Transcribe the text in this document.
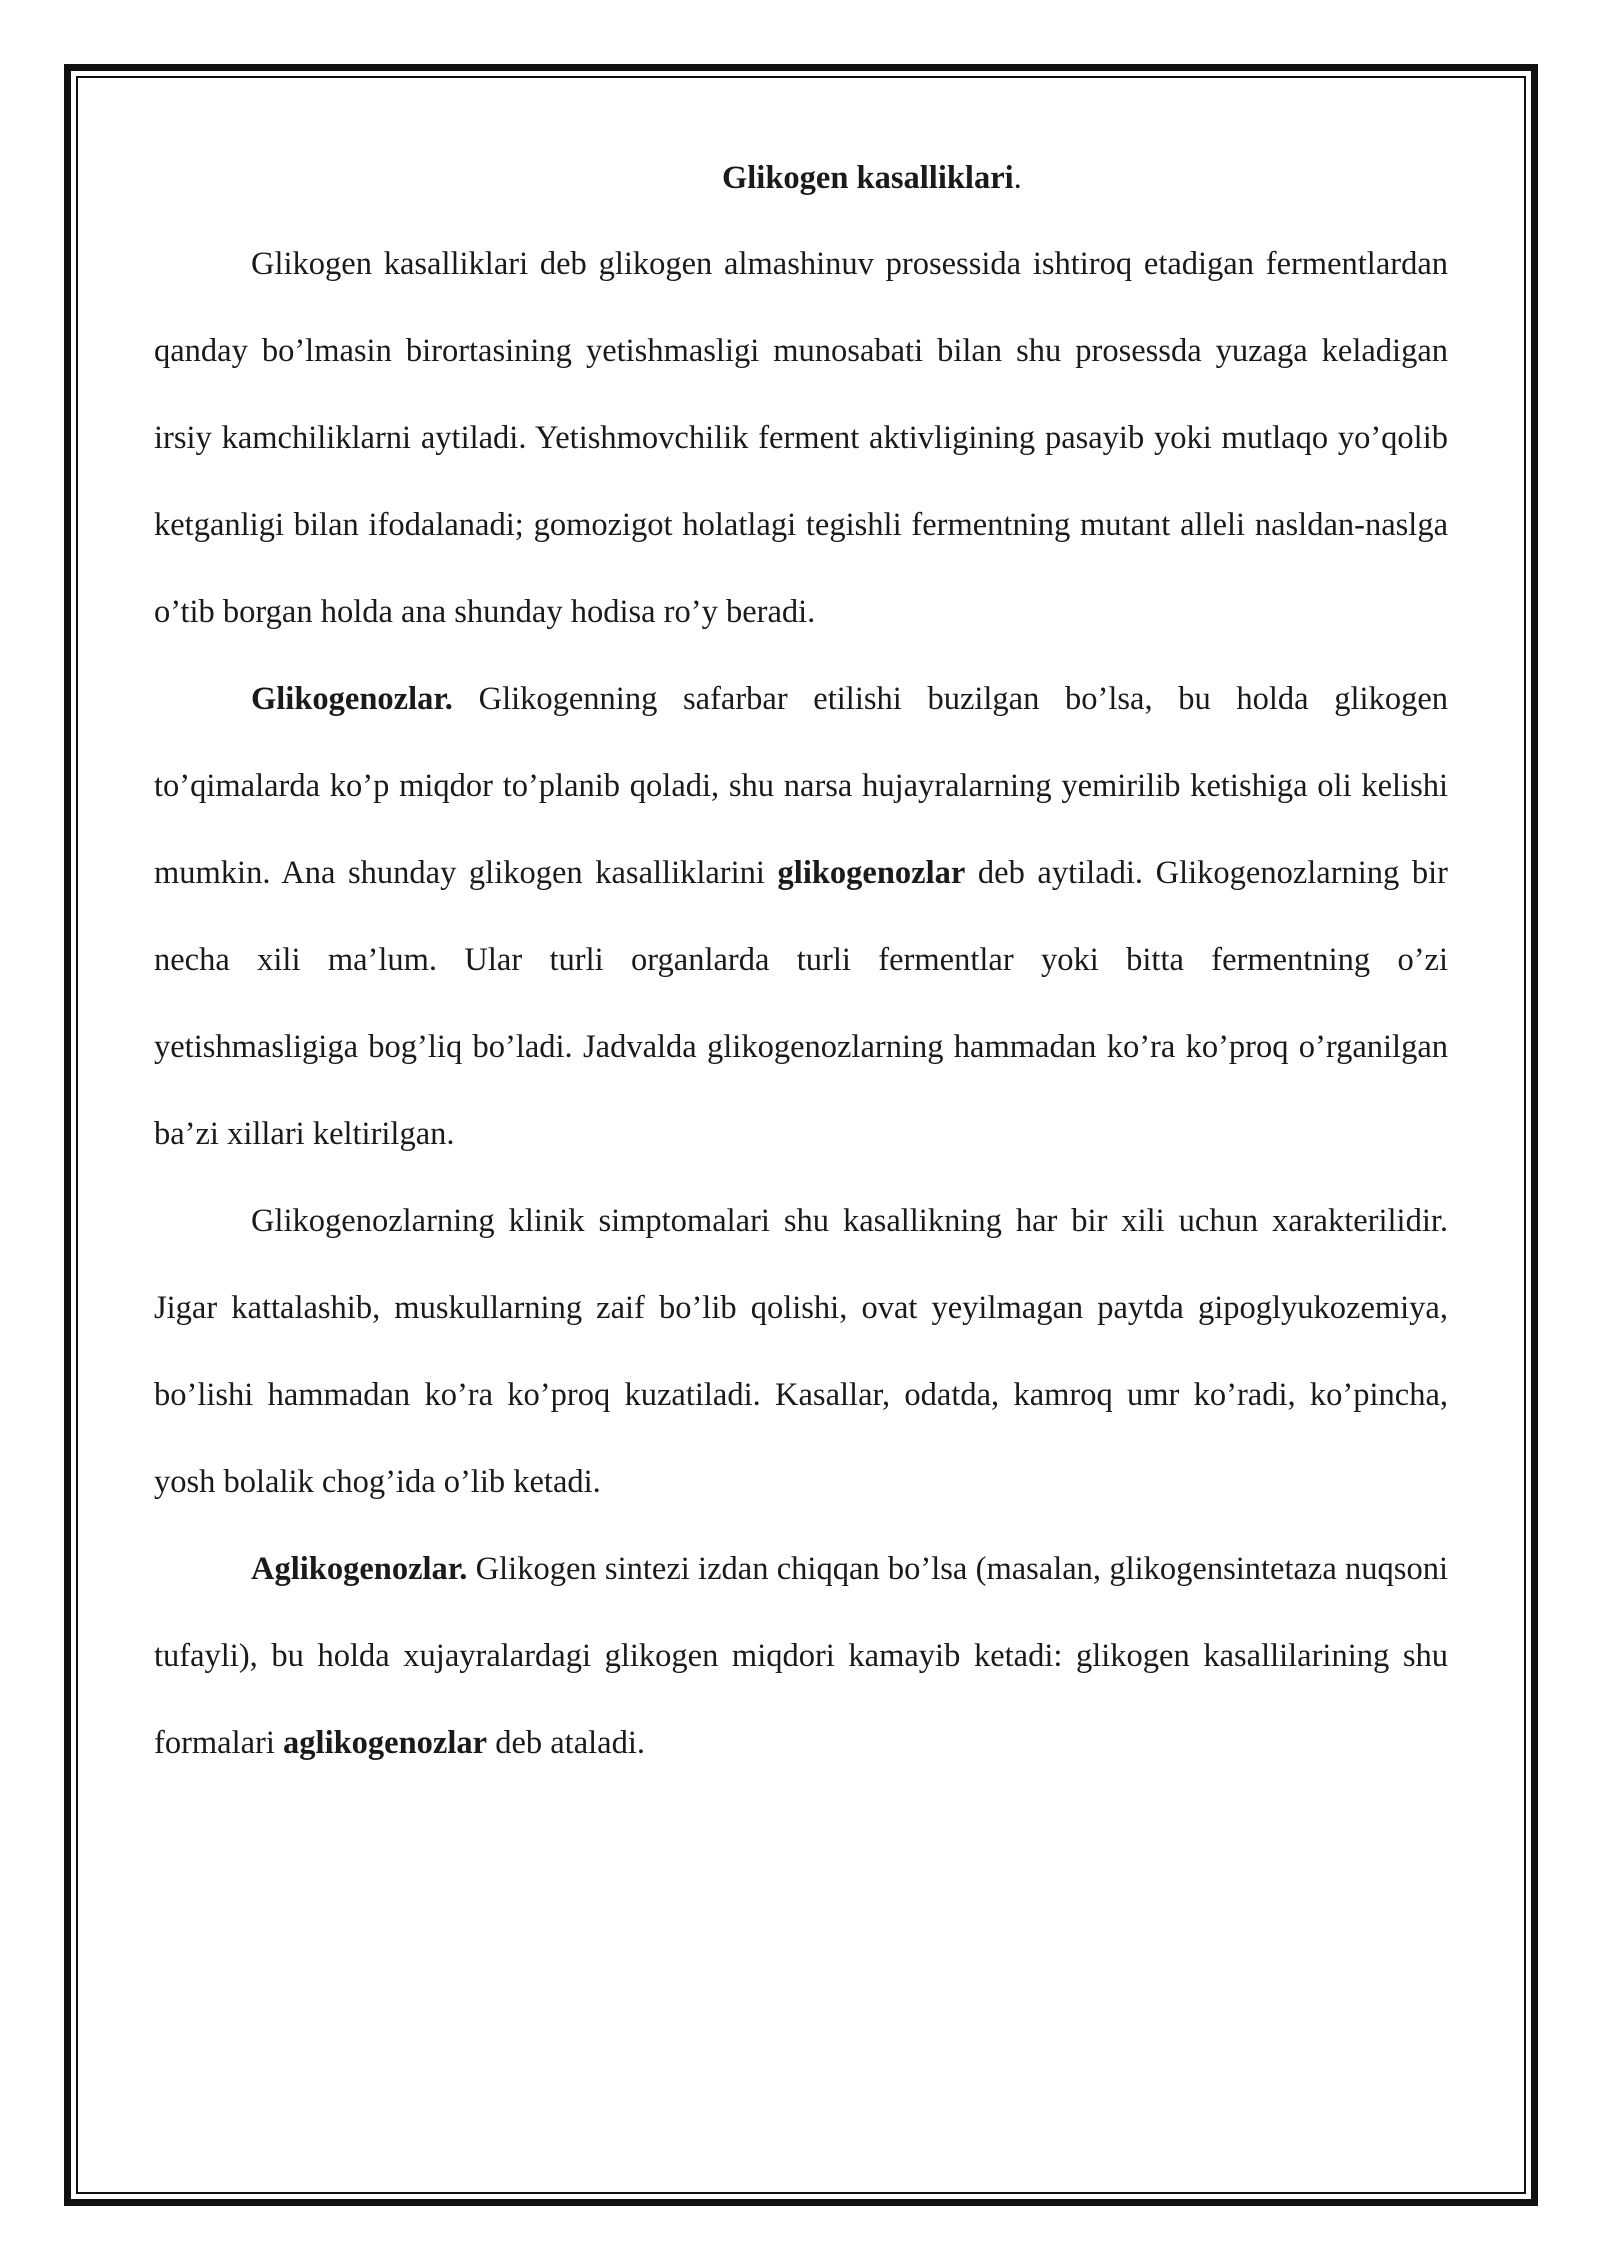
Glikogen kasalliklari.

Glikogen kasalliklari deb glikogen almashinuv prosessida ishtiroq etadigan fermentlardan qanday bo’lmasin birortasining yetishmasligi munosabati bilan shu prosessda yuzaga keladigan irsiy kamchiliklarni aytiladi. Yetishmovchilik ferment aktivligining pasayib yoki mutlaqo yo’qolib ketganligi bilan ifodalanadi; gomozigot holatlagi tegishli fermentning mutant alleli nasldan-naslga o’tib borgan holda ana shunday hodisa ro’y beradi.

Glikogenozlar. Glikogenning safarbar etilishi buzilgan bo’lsa, bu holda glikogen to’qimalarda ko’p miqdor to’planib qoladi, shu narsa hujayralarning yemirilib ketishiga oli kelishi mumkin. Ana shunday glikogen kasalliklarini glikogenozlar deb aytiladi. Glikogenozlarning bir necha xili ma’lum. Ular turli organlarda turli fermentlar yoki bitta fermentning o’zi yetishmasligiga bog’liq bo’ladi. Jadvalda glikogenozlarning hammadan ko’ra ko’proq o’rganilgan ba’zi xillari keltirilgan.

Glikogenozlarning klinik simptomalari shu kasallikning har bir xili uchun xarakterilidir. Jigar kattalashib, muskullarning zaif bo’lib qolishi, ovat yeyilmagan paytda gipoglyukozemiya, bo’lishi hammadan ko’ra ko’proq kuzatiladi. Kasallar, odatda, kamroq umr ko’radi, ko’pincha, yosh bolalik chog’ida o’lib ketadi.

Aglikogenozlar. Glikogen sintezi izdan chiqqan bo’lsa (masalan, glikogensintetaza nuqsoni tufayli), bu holda xujayralardagi glikogen miqdori kamayib ketadi: glikogen kasallilarining shu formalari aglikogenozlar deb ataladi.
